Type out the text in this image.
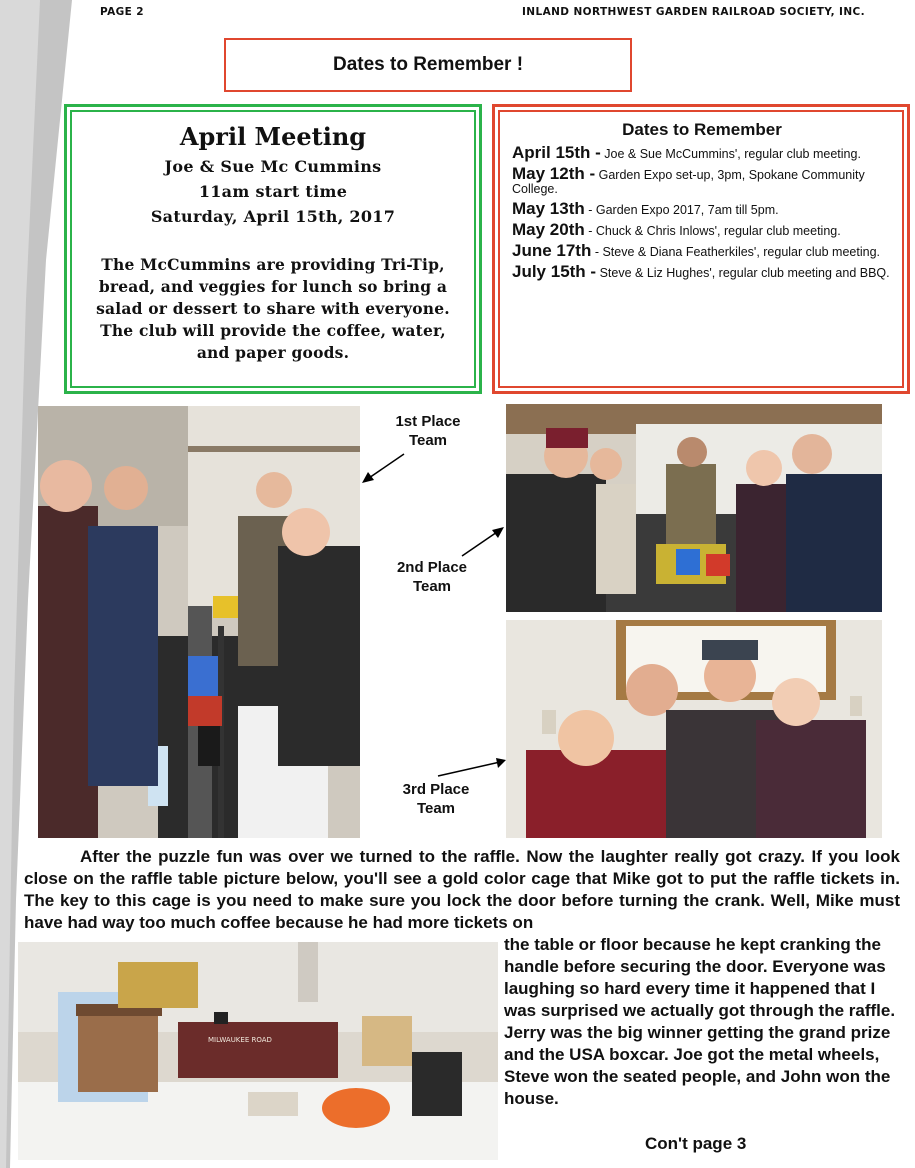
PAGE 2	INLAND NORTHWEST GARDEN RAILROAD SOCIETY, INC.
Dates to Remember !
April Meeting
Joe & Sue Mc Cummins
11am start time
Saturday, April 15th, 2017
The McCummins are providing Tri-Tip, bread, and veggies for lunch so bring a salad or dessert to share with everyone. The club will provide the coffee, water, and paper goods.
Dates to Remember
April 15th - Joe & Sue McCummins', regular club meeting.
May 12th - Garden Expo set-up, 3pm, Spokane Community College.
May 13th - Garden Expo 2017, 7am till 5pm.
May 20th - Chuck & Chris Inlows', regular club meeting.
June 17th - Steve & Diana Featherkiles', regular club meeting.
July 15th - Steve & Liz Hughes', regular club meeting and BBQ.
1st Place Team
2nd Place Team
3rd Place Team
After the puzzle fun was over we turned to the raffle. Now the laughter really got crazy. If you look close on the raffle table picture below, you'll see a gold color cage that Mike got to put the raffle tickets in. The key to this cage is you need to make sure you lock the door before turning the crank. Well, Mike must have had way too much coffee because he had more tickets on
MILWAUKEE ROAD
the table or floor because he kept cranking the handle before securing the door. Everyone was laughing so hard every time it happened that I was surprised we actually got through the raffle. Jerry was the big winner getting the grand prize and the USA boxcar. Joe got the metal wheels, Steve won the seated people, and John won the house.
Con't page 3
